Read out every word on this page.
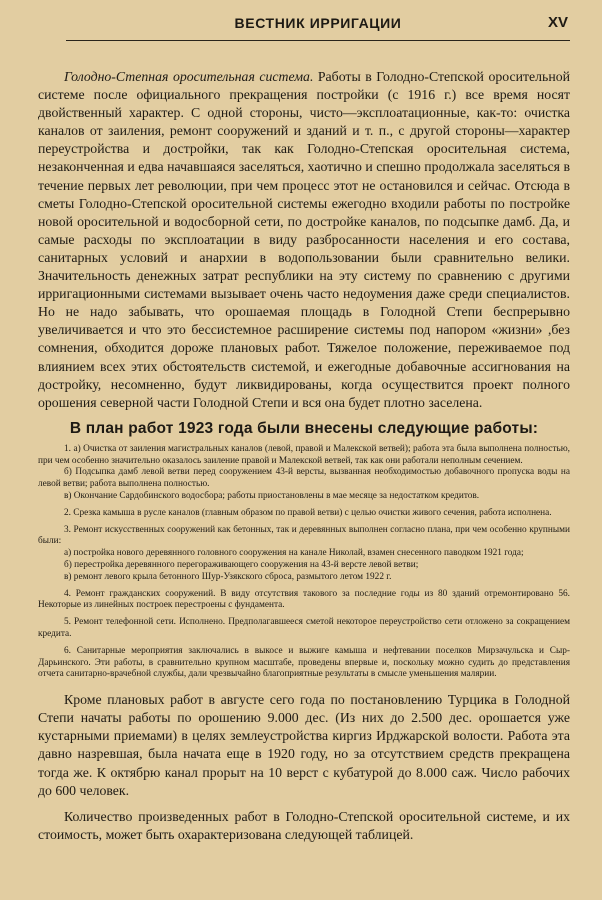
ВЕСТНИК ИРРИГАЦИИ	XV

Голодно-Степная оросительная система. Работы в Голодно-Степской оросительной системе после официального прекращения постройки (с 1916 г.) все время носят двойственный характер. С одной стороны, чисто—эксплоатационные, как-то: очистка каналов от заиления, ремонт сооружений и зданий и т. п., с другой стороны—характер переустройства и достройки, так как Голодно-Степская оросительная система, незаконченная и едва начавшаяся заселяться, хаотично и спешно продолжала заселяться в течение первых лет революции, при чем процесс этот не остановился и сейчас. Отсюда в сметы Голодно-Степской оросительной системы ежегодно входили работы по постройке новой оросительной и водосборной сети, по достройке каналов, по подсыпке дамб. Да, и самые расходы по эксплоатации в виду разбросанности населения и его состава, санитарных условий и анархии в водопользовании были сравнительно велики. Значительность денежных затрат республики на эту систему по сравнению с другими ирригационными системами вызывает очень часто недоумения даже среди специалистов. Но не надо забывать, что орошаемая площадь в Голодной Степи беспрерывно увеличивается и что это бессистемное расширение системы под напором «жизни» ,без сомнения, обходится дороже плановых работ. Тяжелое положение, переживаемое под влиянием всех этих обстоятельств системой, и ежегодные добавочные ассигнования на достройку, несомненно, будут ликвидированы, когда осуществится проект полного орошения северной части Голодной Степи и вся она будет плотно заселена.

В план работ 1923 года были внесены следующие работы:
1. а) Очистка от заиления магистральных каналов (левой, правой и Малекской ветвей); работа эта была выполнена полностью, при чем особенно значительно оказалось заиление правой и Малекской ветвей, так как они работали неполным сечением.
б) Подсыпка дамб левой ветви перед сооружением 43-й версты, вызванная необходимостью добавочного пропуска воды на левой ветви; работа выполнена полностью.
в) Окончание Сардобинского водосбора; работы приостановлены в мае месяце за недостатком кредитов.
2. Срезка камыша в русле каналов (главным образом по правой ветви) с целью очистки живого сечения, работа исполнена.
3. Ремонт искусственных сооружений как бетонных, так и деревянных выполнен согласно плана, при чем особенно крупными были:
а) постройка нового деревянного головного сооружения на канале Николай, взамен снесенного паводком 1921 года;
б) перестройка деревянного перегораживающего сооружения на 43-й версте левой ветви;
в) ремонт левого крыла бетонного Шур-Узякского сброса, размытого летом 1922 г.
4. Ремонт гражданских сооружений. В виду отсутствия такового за последние годы из 80 зданий отремонтировано 56. Некоторые из линейных построек перестроены с фундамента.
5. Ремонт телефонной сети. Исполнено. Предполагавшееся сметой некоторое переустройство сети отложено за сокращением кредита.
6. Санитарные мероприятия заключались в выкосе и выжиге камыша и нефтевании поселков Мирзачульска и Сыр-Дарьинского. Эти работы, в сравнительно крупном масштабе, проведены впервые и, поскольку можно судить до представления отчета санитарно-врачебной службы, дали чрезвычайно благоприятные результаты в смысле уменьшения малярии.

Кроме плановых работ в августе сего года по постановлению Турцика в Голодной Степи начаты работы по орошению 9.000 дес. (Из них до 2.500 дес. орошается уже кустарными приемами) в целях землеустройства киргиз Ирджарской волости. Работа эта давно назревшая, была начата еще в 1920 году, но за отсутствием средств прекращена тогда же. К октябрю канал прорыт на 10 верст с кубатурой до 8.000 саж. Число рабочих до 600 человек.

Количество произведенных работ в Голодно-Степской оросительной системе, и их стоимость, может быть охарактеризована следующей таблицей.
